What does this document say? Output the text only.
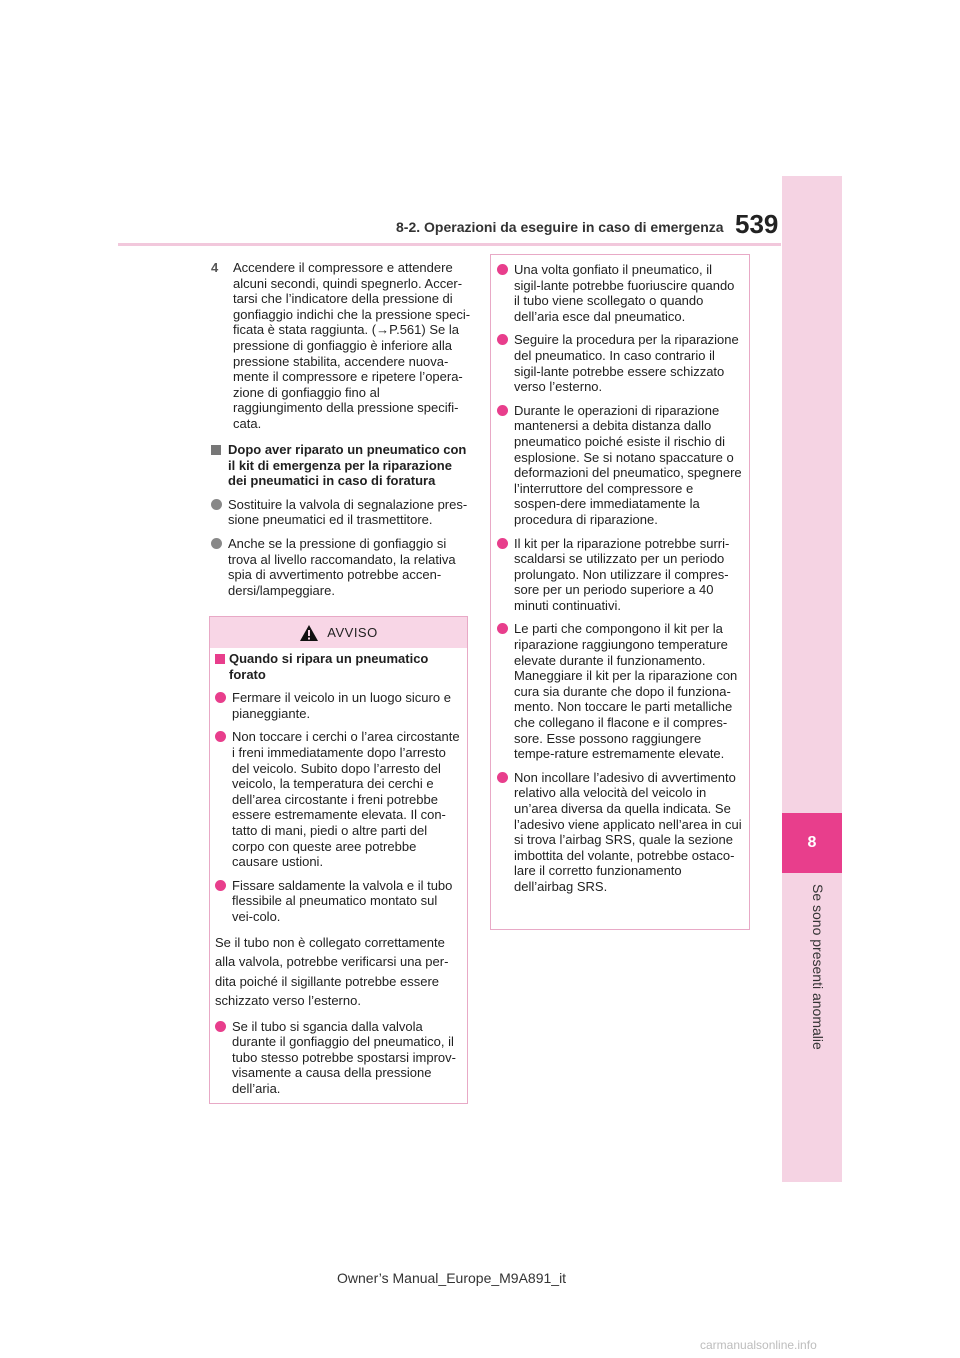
539
8-2. Operazioni da eseguire in caso di emergenza
8
Se sono presenti anomalie
4 Accendere il compressore e attendere alcuni secondi, quindi spegnerlo. Accer-tarsi che l’indicatore della pressione di gonfiaggio indichi che la pressione speci-ficata è stata raggiunta. (→P.561) Se la pressione di gonfiaggio è inferiore alla pressione stabilita, accendere nuova-mente il compressore e ripetere l’opera-zione di gonfiaggio fino al raggiungimento della pressione specifi-cata.
Dopo aver riparato un pneumatico con il kit di emergenza per la riparazione dei pneumatici in caso di foratura
Sostituire la valvola di segnalazione pres-sione pneumatici ed il trasmettitore.
Anche se la pressione di gonfiaggio si trova al livello raccomandato, la relativa spia di avvertimento potrebbe accen-dersi/lampeggiare.
AVVISO
Quando si ripara un pneumatico forato
Fermare il veicolo in un luogo sicuro e pianeggiante.
Non toccare i cerchi o l’area circostante i freni immediatamente dopo l’arresto del veicolo. Subito dopo l’arresto del veicolo, la temperatura dei cerchi e dell’area circostante i freni potrebbe essere estremamente elevata. Il con-tatto di mani, piedi o altre parti del corpo con queste aree potrebbe causare ustioni.
Fissare saldamente la valvola e il tubo flessibile al pneumatico montato sul vei-colo.
Se il tubo non è collegato correttamente
alla valvola, potrebbe verificarsi una per-
dita poiché il sigillante potrebbe essere
schizzato verso l’esterno.
Se il tubo si sgancia dalla valvola durante il gonfiaggio del pneumatico, il tubo stesso potrebbe spostarsi improv-visamente a causa della pressione dell’aria.
Una volta gonfiato il pneumatico, il sigil-lante potrebbe fuoriuscire quando il tubo viene scollegato o quando dell’aria esce dal pneumatico.
Seguire la procedura per la riparazione del pneumatico. In caso contrario il sigil-lante potrebbe essere schizzato verso l’esterno.
Durante le operazioni di riparazione mantenersi a debita distanza dallo pneumatico poiché esiste il rischio di esplosione. Se si notano spaccature o deformazioni del pneumatico, spegnere l’interruttore del compressore e sospen-dere immediatamente la procedura di riparazione.
Il kit per la riparazione potrebbe surri-scaldarsi se utilizzato per un periodo prolungato. Non utilizzare il compres-sore per un periodo superiore a 40 minuti continuativi.
Le parti che compongono il kit per la riparazione raggiungono temperature elevate durante il funzionamento. Maneggiare il kit per la riparazione con cura sia durante che dopo il funziona-mento. Non toccare le parti metalliche che collegano il flacone e il compres-sore. Esse possono raggiungere tempe-rature estremamente elevate.
Non incollare l’adesivo di avvertimento relativo alla velocità del veicolo in un’area diversa da quella indicata. Se l’adesivo viene applicato nell’area in cui si trova l’airbag SRS, quale la sezione imbottita del volante, potrebbe ostaco-lare il corretto funzionamento dell’airbag SRS.
Owner’s Manual_Europe_M9A891_it
carmanualsonline.info
